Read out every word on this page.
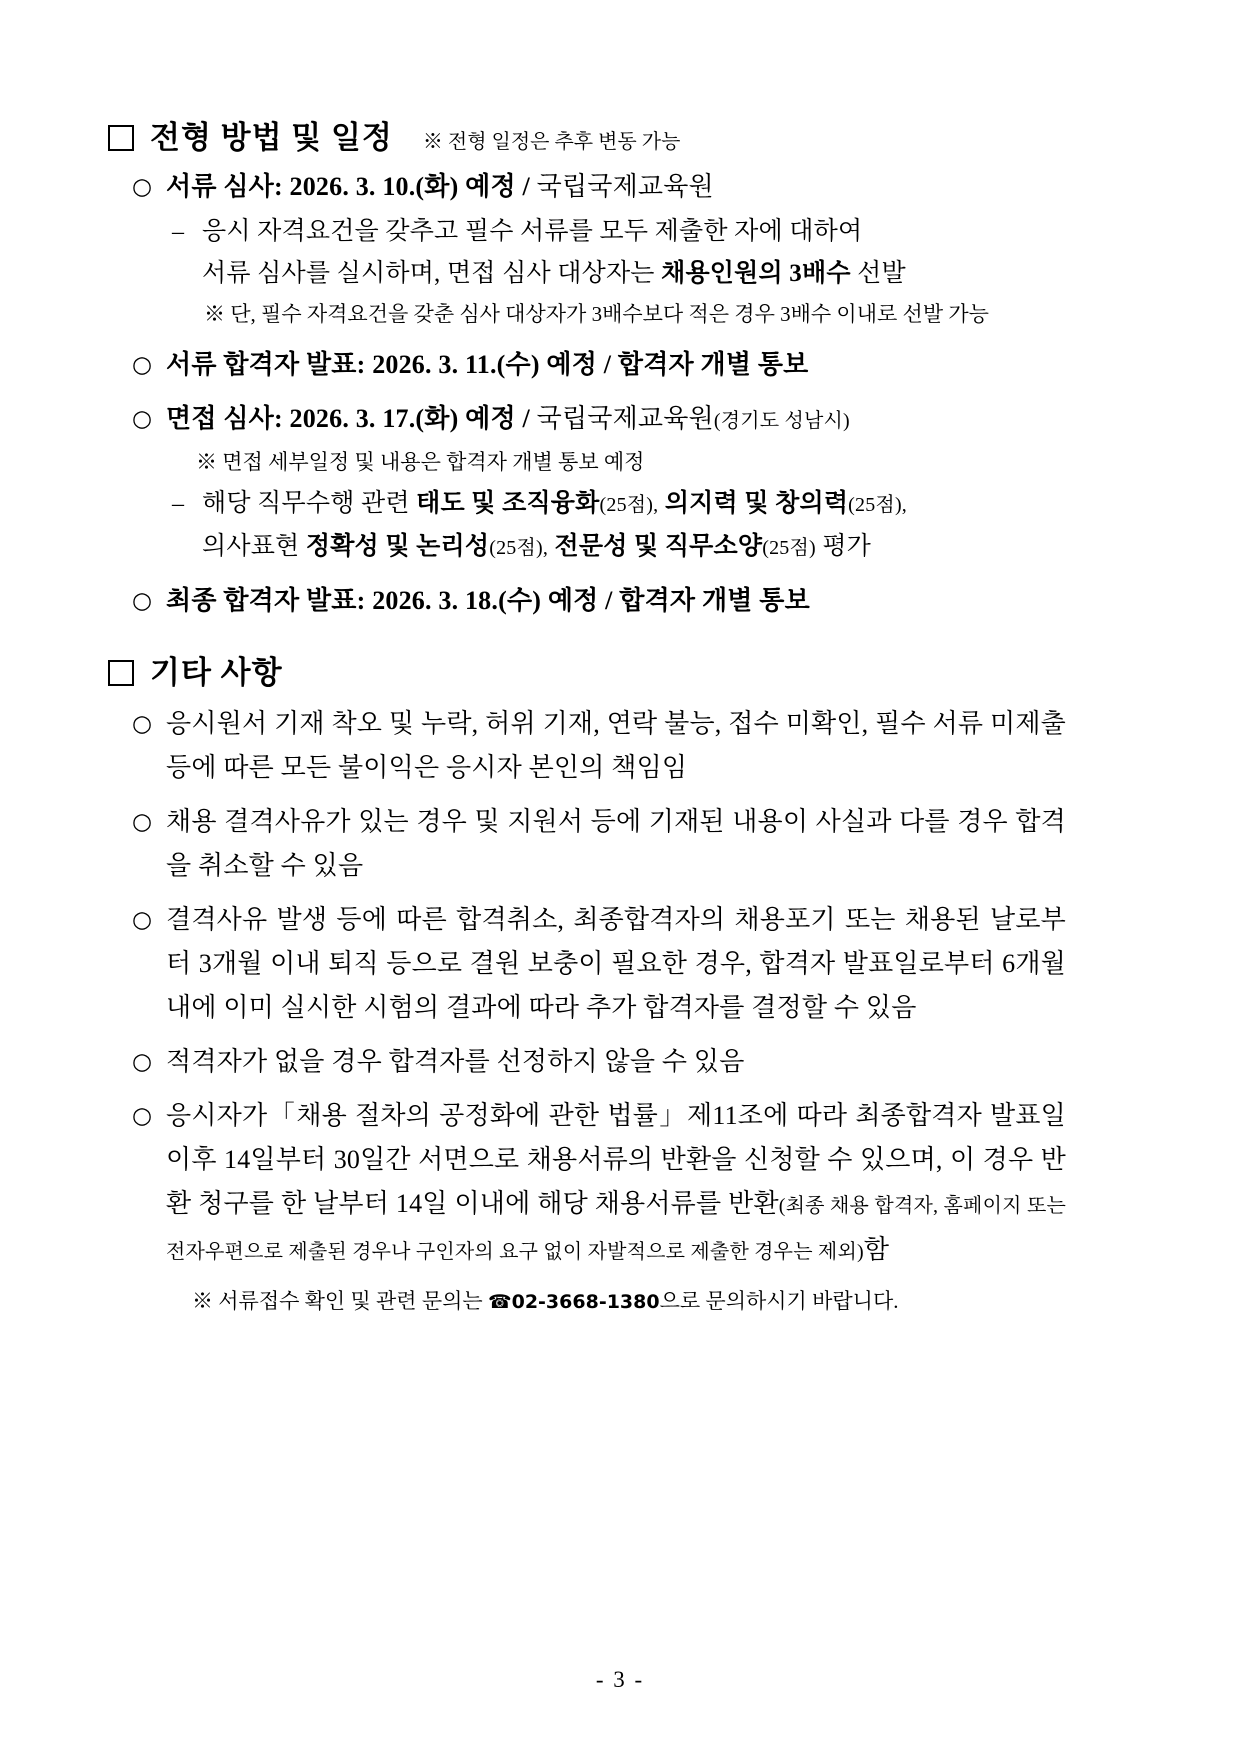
전형 방법 및 일정	※ 전형 일정은 추후 변동 가능
○ 서류 심사: 2026. 3. 10.(화) 예정 / 국립국제교육원
– 응시 자격요건을 갖추고 필수 서류를 모두 제출한 자에 대하여
서류 심사를 실시하며, 면접 심사 대상자는 채용인원의 3배수 선발
※ 단, 필수 자격요건을 갖춘 심사 대상자가 3배수보다 적은 경우 3배수 이내로 선발 가능
○ 서류 합격자 발표: 2026. 3. 11.(수) 예정 / 합격자 개별 통보
○ 면접 심사: 2026. 3. 17.(화) 예정 / 국립국제교육원(경기도 성남시)
※ 면접 세부일정 및 내용은 합격자 개별 통보 예정
– 해당 직무수행 관련 태도 및 조직융화(25점), 의지력 및 창의력(25점),
의사표현 정확성 및 논리성(25점), 전문성 및 직무소양(25점) 평가
○ 최종 합격자 발표: 2026. 3. 18.(수) 예정 / 합격자 개별 통보
기타 사항
○ 응시원서 기재 착오 및 누락, 허위 기재, 연락 불능, 접수 미확인, 필수 서류 미제출 등에 따른 모든 불이익은 응시자 본인의 책임임
○ 채용 결격사유가 있는 경우 및 지원서 등에 기재된 내용이 사실과 다를 경우 합격을 취소할 수 있음
○ 결격사유 발생 등에 따른 합격취소, 최종합격자의 채용포기 또는 채용된 날로부터 3개월 이내 퇴직 등으로 결원 보충이 필요한 경우, 합격자 발표일로부터 6개월 내에 이미 실시한 시험의 결과에 따라 추가 합격자를 결정할 수 있음
○ 적격자가 없을 경우 합격자를 선정하지 않을 수 있음
○ 응시자가「채용 절차의 공정화에 관한 법률」제11조에 따라 최종합격자 발표일 이후 14일부터 30일간 서면으로 채용서류의 반환을 신청할 수 있으며, 이 경우 반환 청구를 한 날부터 14일 이내에 해당 채용서류를 반환(최종 채용 합격자, 홈페이지 또는 전자우편으로 제출된 경우나 구인자의 요구 없이 자발적으로 제출한 경우는 제외)함
※ 서류접수 확인 및 관련 문의는 ☎02-3668-1380으로 문의하시기 바랍니다.
- 3 -
